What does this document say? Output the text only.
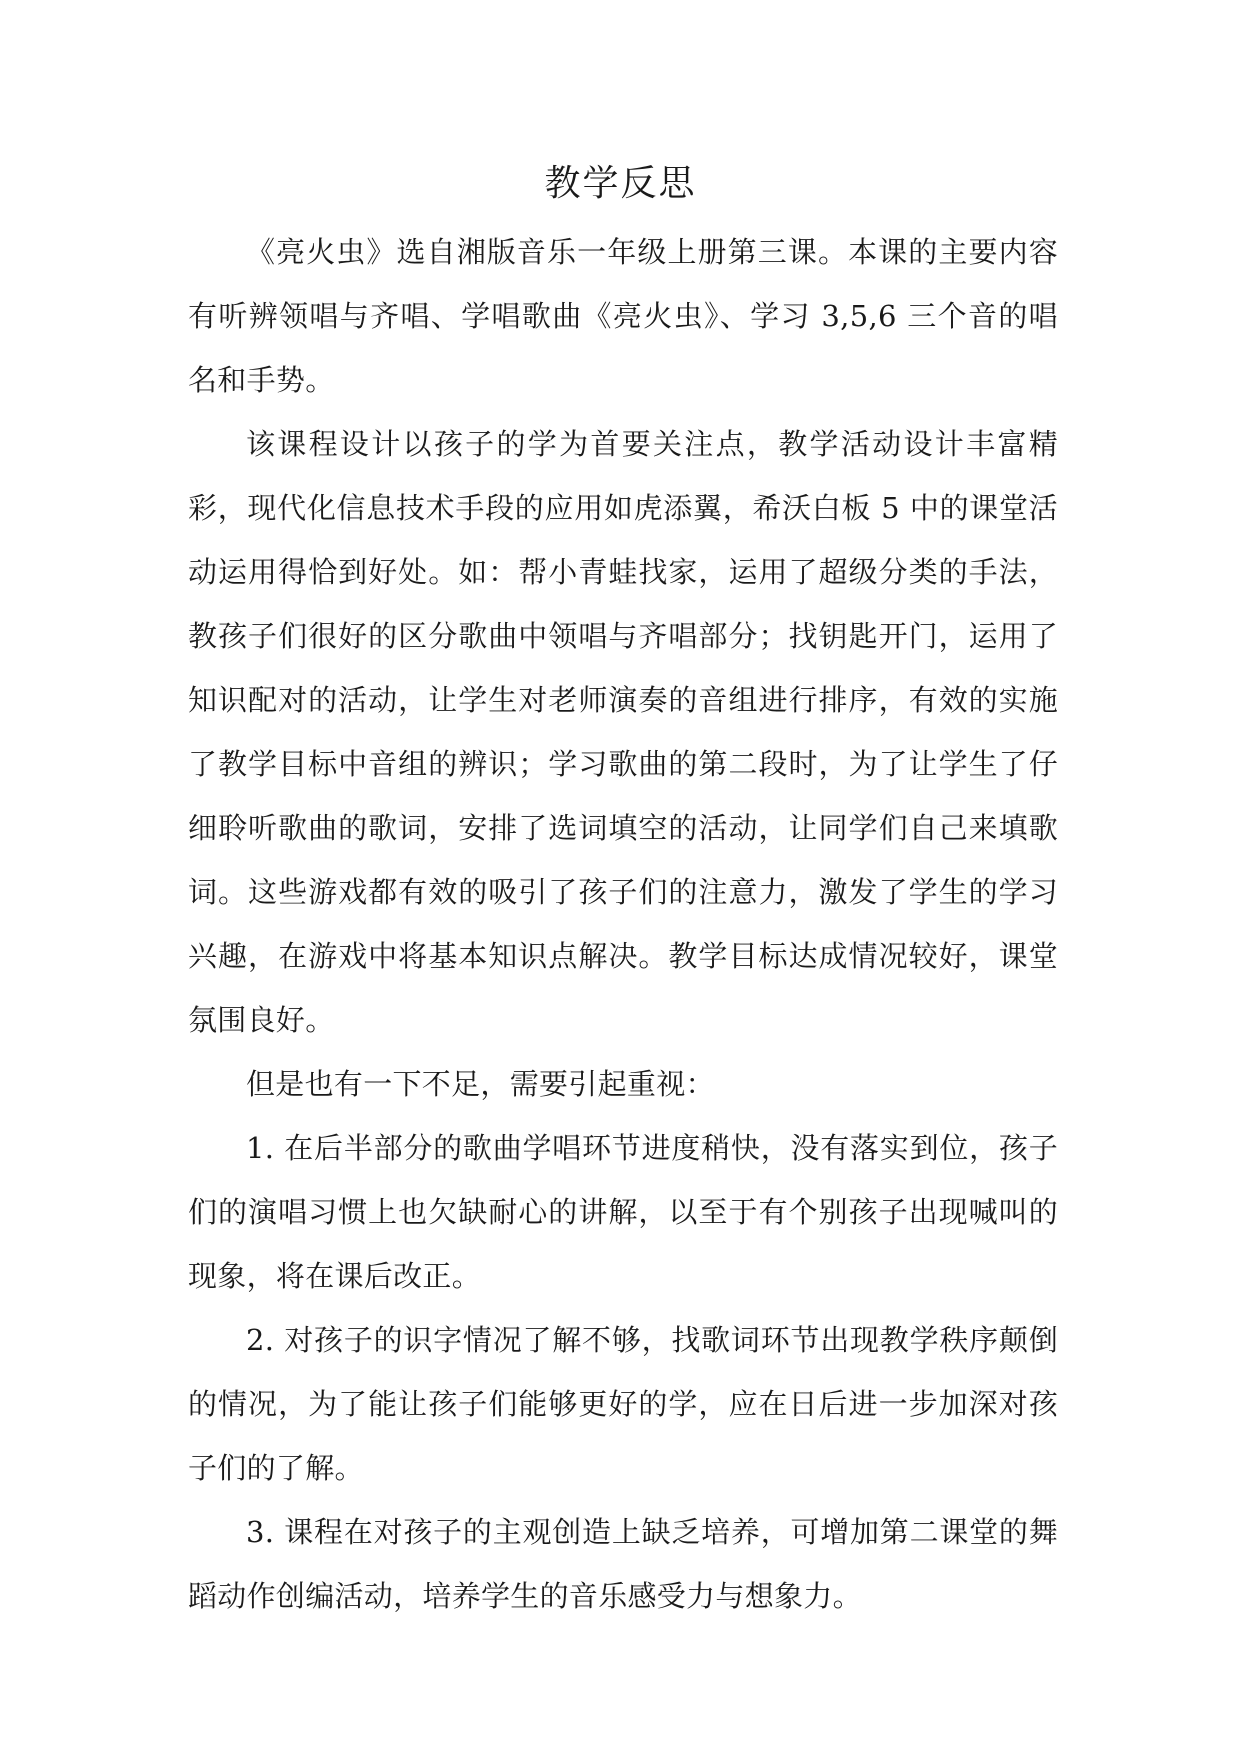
教学反思

《亮火虫》选自湘版音乐一年级上册第三课。本课的主要内容有听辨领唱与齐唱、学唱歌曲《亮火虫》、学习 3,5,6 三个音的唱名和手势。

该课程设计以孩子的学为首要关注点，教学活动设计丰富精彩，现代化信息技术手段的应用如虎添翼，希沃白板 5 中的课堂活动运用得恰到好处。如：帮小青蛙找家，运用了超级分类的手法，教孩子们很好的区分歌曲中领唱与齐唱部分；找钥匙开门，运用了知识配对的活动，让学生对老师演奏的音组进行排序，有效的实施了教学目标中音组的辨识；学习歌曲的第二段时，为了让学生了仔细聆听歌曲的歌词，安排了选词填空的活动，让同学们自己来填歌词。这些游戏都有效的吸引了孩子们的注意力，激发了学生的学习兴趣，在游戏中将基本知识点解决。教学目标达成情况较好，课堂氛围良好。

但是也有一下不足，需要引起重视：

1. 在后半部分的歌曲学唱环节进度稍快，没有落实到位，孩子们的演唱习惯上也欠缺耐心的讲解，以至于有个别孩子出现喊叫的现象，将在课后改正。

2. 对孩子的识字情况了解不够，找歌词环节出现教学秩序颠倒的情况，为了能让孩子们能够更好的学，应在日后进一步加深对孩子们的了解。

3. 课程在对孩子的主观创造上缺乏培养，可增加第二课堂的舞蹈动作创编活动，培养学生的音乐感受力与想象力。
